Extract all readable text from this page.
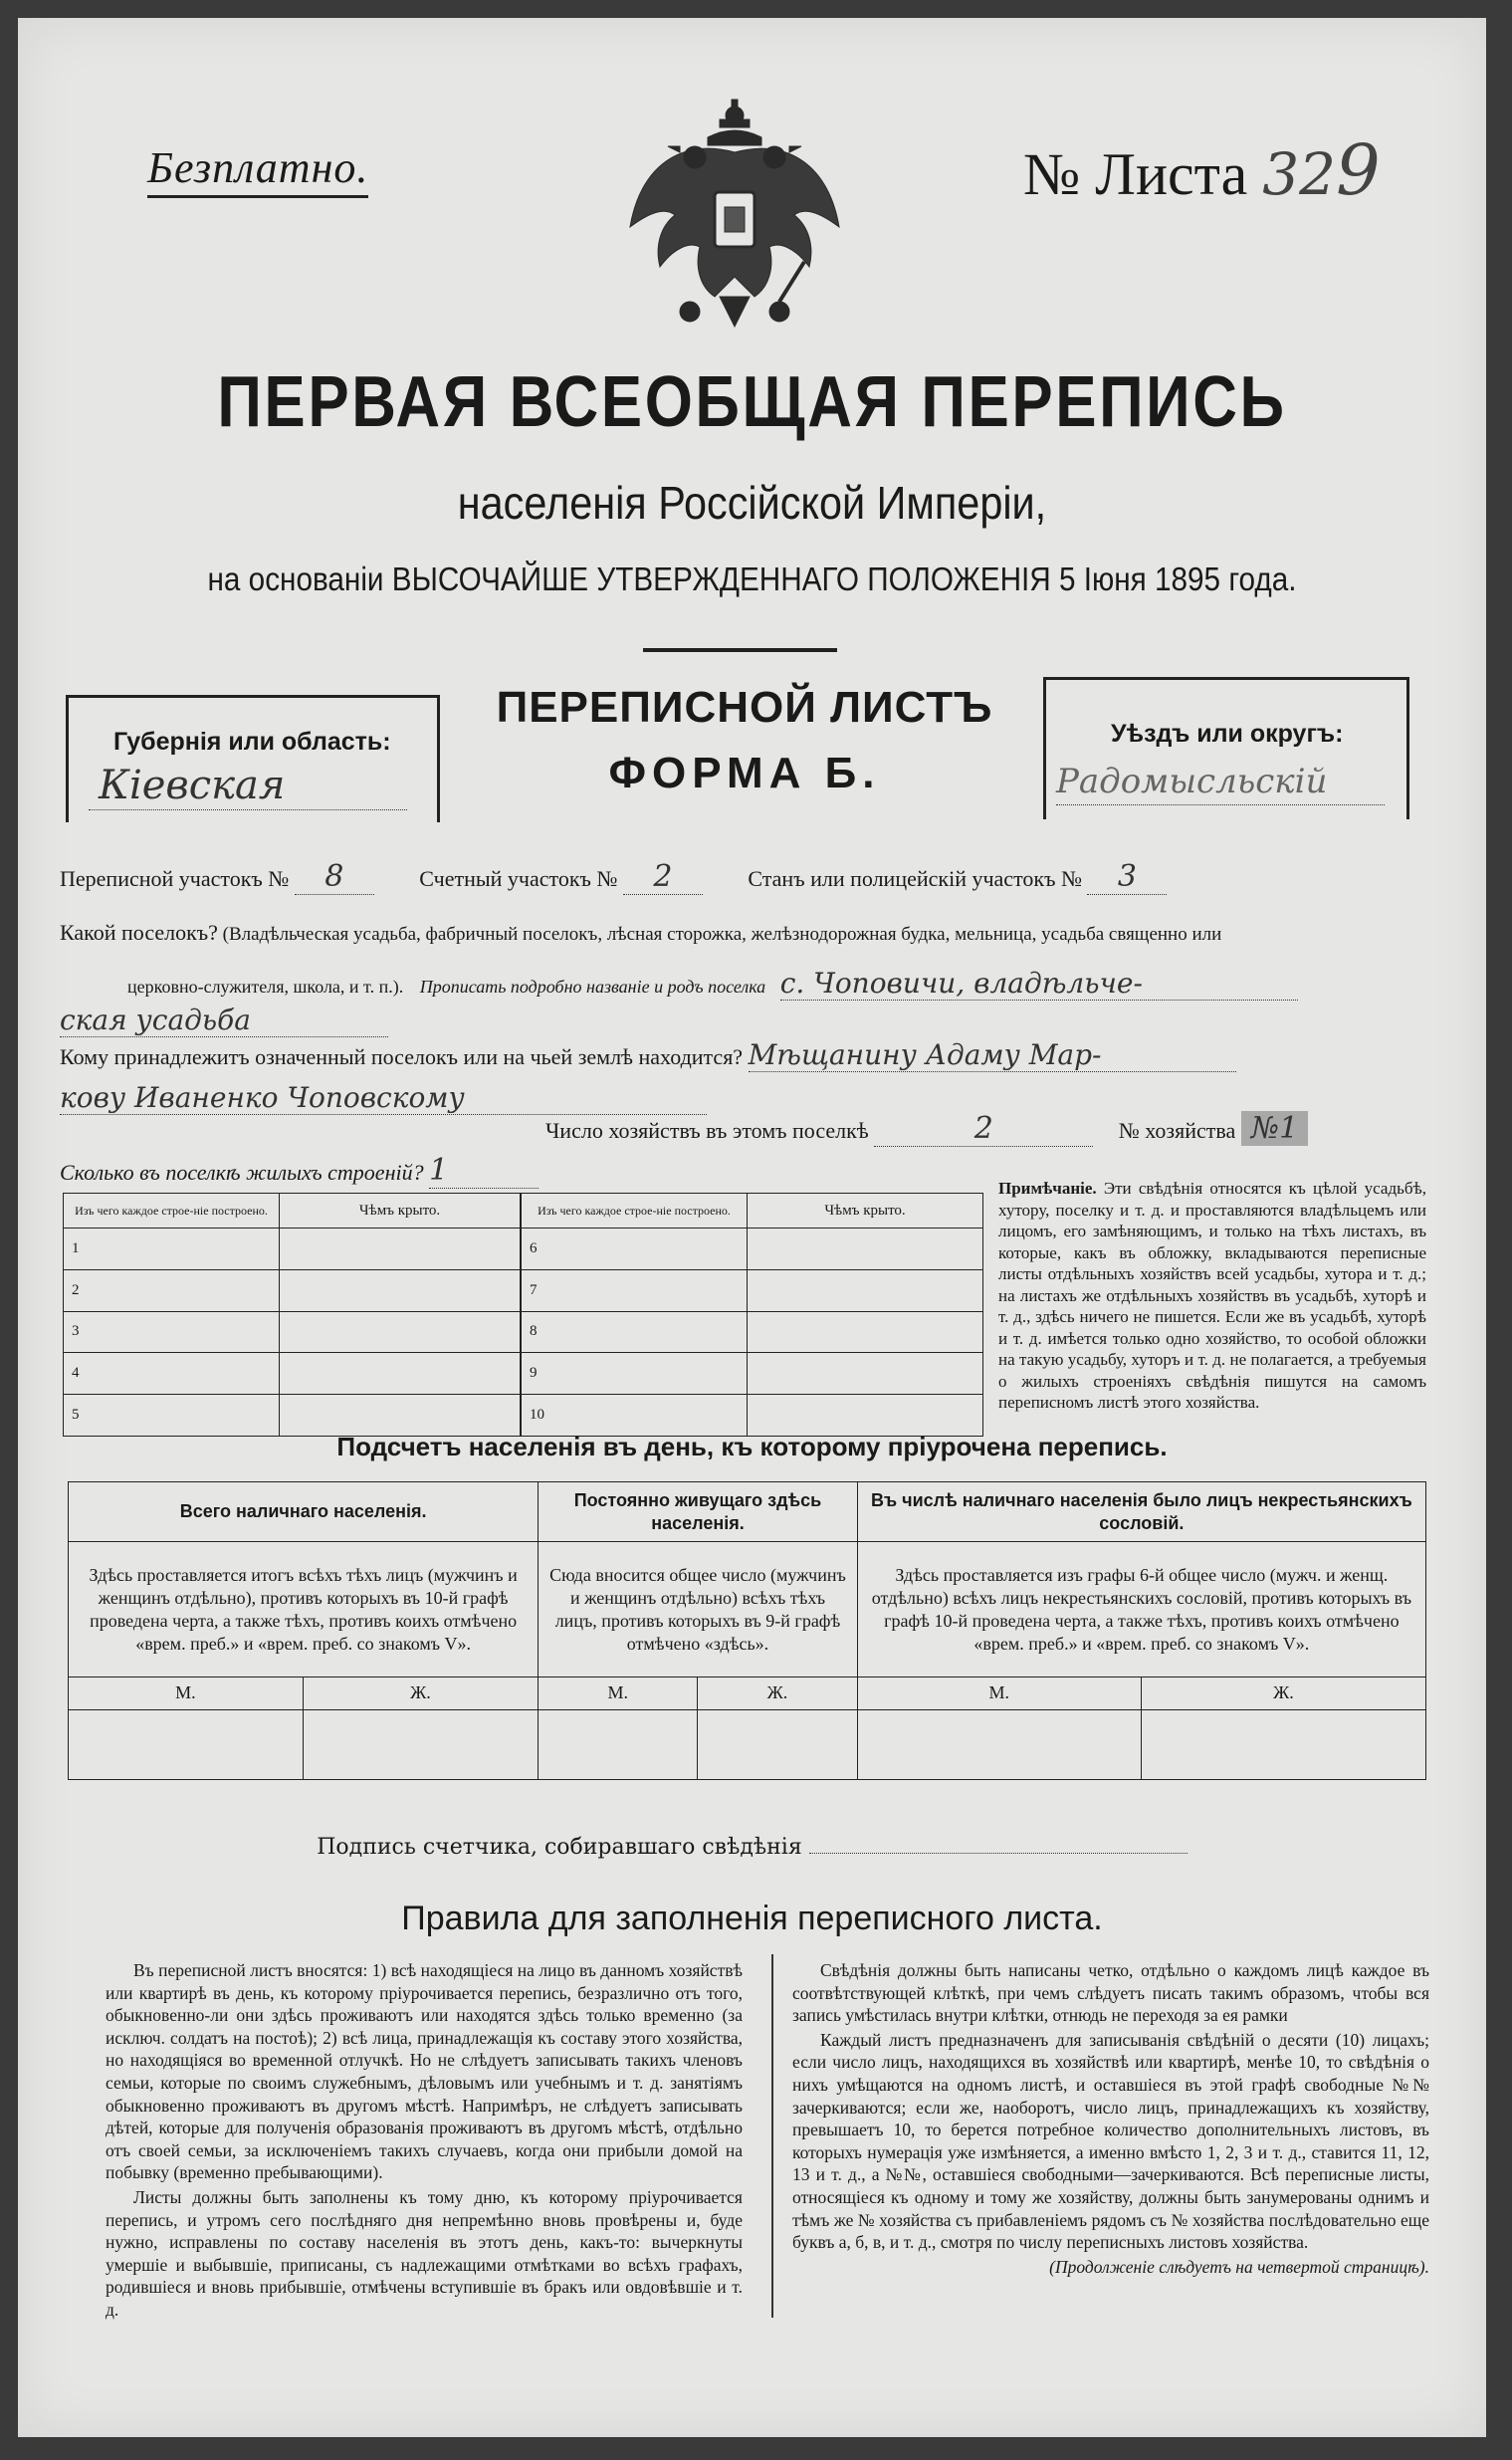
Безплатно.	№ Листа 329
ПЕРВАЯ ВСЕОБЩАЯ ПЕРЕПИСЬ
населенія Россійской Имперіи,
на основаніи ВЫСОЧАЙШЕ УТВЕРЖДЕННАГО ПОЛОЖЕНІЯ 5 Іюня 1895 года.
Губернія или область:
Кіевская
ПЕРЕПИСНОЙ ЛИСТЪ
ФОРМА Б.
Уѣздъ или округъ:
Радомысльскій
Переписной участокъ № 8	Счетный участокъ № 2	Станъ или полицейскій участокъ № 3
Какой поселокъ? (Владѣльческая усадьба, фабричный поселокъ, лѣсная сторожка, желѣзнодорожная будка, мельница, усадьба священно или
церковно-служителя, школа, и т. п.). Прописать подробно названіе и родъ поселка с. Чоповичи, владѣльче-
ская усадьба
Кому принадлежитъ означенный поселокъ или на чьей землѣ находится? Мѣщанину Адаму Мар-
кову Иваненко Чоповскому
Число хозяйствъ въ этомъ поселкѣ	2	№ хозяйства №1
Сколько въ поселкѣ жилыхъ строеній? 1
Изъ чего каждое строе-ніе построено.	Чѣмъ крыто.
1	
2	
3	
4	
5	
Изъ чего каждое строе-ніе построено.	Чѣмъ крыто.
6	
7	
8	
9	
10	
Примѣчаніе. Эти свѣдѣнія относятся къ цѣлой усадьбѣ, хутору, поселку и т. д. и проставляются владѣльцемъ или лицомъ, его замѣняющимъ, и только на тѣхъ листахъ, въ которые, какъ въ обложку, вкладываются переписные листы отдѣльныхъ хозяйствъ всей усадьбы, хутора и т. д.; на листахъ же отдѣльныхъ хозяйствъ въ усадьбѣ, хуторѣ и т. д., здѣсь ничего не пишется. Если же въ усадьбѣ, хуторѣ и т. д. имѣется только одно хозяйство, то особой обложки на такую усадьбу, хуторъ и т. д. не полагается, а требуемыя о жилыхъ строеніяхъ свѣдѣнія пишутся на самомъ переписномъ листѣ этого хозяйства.
Подсчетъ населенія въ день, къ которому пріурочена перепись.
Всего наличнаго населенія.		Постоянно живущаго здѣсь населенія.		Въ числѣ наличнаго населенія было лицъ некрестьянскихъ сословій.	
Здѣсь проставляется итогъ всѣхъ тѣхъ лицъ (мужчинъ и женщинъ отдѣльно), противъ которыхъ въ 10-й графѣ проведена черта, а также тѣхъ, противъ коихъ отмѣчено «врем. преб.» и «врем. преб. со знакомъ V».		Сюда вносится общее число (мужчинъ и женщинъ отдѣльно) всѣхъ тѣхъ лицъ, противъ которыхъ въ 9-й графѣ отмѣчено «здѣсь».		Здѣсь проставляется изъ графы 6-й общее число (мужч. и женщ. отдѣльно) всѣхъ лицъ некрестьянскихъ сословій, противъ которыхъ въ графѣ 10-й проведена черта, а также тѣхъ, противъ коихъ отмѣчено «врем. преб.» и «врем. преб. со знакомъ V».	
М.	Ж.	М.	Ж.	М.	Ж.

Подпись счетчика, собиравшаго свѣдѣнія
Правила для заполненія переписного листа.

Въ переписной листъ вносятся: 1) всѣ находящіеся на лицо въ данномъ хозяйствѣ или квартирѣ въ день, къ которому пріурочивается перепись, безразлично отъ того, обыкновенно-ли они здѣсь проживаютъ или находятся здѣсь только временно (за исключ. солдатъ на постоѣ); 2) всѣ лица, принадлежащія къ составу этого хозяйства, но находящіяся во временной отлучкѣ. Но не слѣдуетъ записывать такихъ членовъ семьи, которые по своимъ служебнымъ, дѣловымъ или учебнымъ и т. д. занятіямъ обыкновенно проживаютъ въ другомъ мѣстѣ. Напримѣръ, не слѣдуетъ записывать дѣтей, которые для полученія образованія проживаютъ въ другомъ мѣстѣ, отдѣльно отъ своей семьи, за исключеніемъ такихъ случаевъ, когда они прибыли домой на побывку (временно пребывающими).

Листы должны быть заполнены къ тому дню, къ которому пріурочивается перепись, и утромъ сего послѣдняго дня непремѣнно вновь провѣрены и, буде нужно, исправлены по составу населенія въ этотъ день, какъ-то: вычеркнуты умершіе и выбывшіе, приписаны, съ надлежащими отмѣтками во всѣхъ графахъ, родившіеся и вновь прибывшіе, отмѣчены вступившіе въ бракъ или овдовѣвшіе и т. д.

Свѣдѣнія должны быть написаны четко, отдѣльно о каждомъ лицѣ каждое въ соотвѣтствующей клѣткѣ, при чемъ слѣдуетъ писать такимъ образомъ, чтобы вся запись умѣстилась внутри клѣтки, отнюдь не переходя за ея рамки

Каждый листъ предназначенъ для записыванія свѣдѣній о десяти (10) лицахъ; если число лицъ, находящихся въ хозяйствѣ или квартирѣ, менѣе 10, то свѣдѣнія о нихъ умѣщаются на одномъ листѣ, и оставшіеся въ этой графѣ свободные №№ зачеркиваются; если же, наоборотъ, число лицъ, принадлежащихъ къ хозяйству, превышаетъ 10, то берется потребное количество дополнительныхъ листовъ, въ которыхъ нумерація уже измѣняется, а именно вмѣсто 1, 2, 3 и т. д., ставится 11, 12, 13 и т. д., а №№, оставшіеся свободными—зачеркиваются. Всѣ переписные листы, относящіеся къ одному и тому же хозяйству, должны быть занумерованы однимъ и тѣмъ же № хозяйства съ прибавленіемъ рядомъ съ № хозяйства послѣдовательно еще буквъ а, б, в, и т. д., смотря по числу переписныхъ листовъ хозяйства.

(Продолженіе слѣдуетъ на четвертой страницѣ).
